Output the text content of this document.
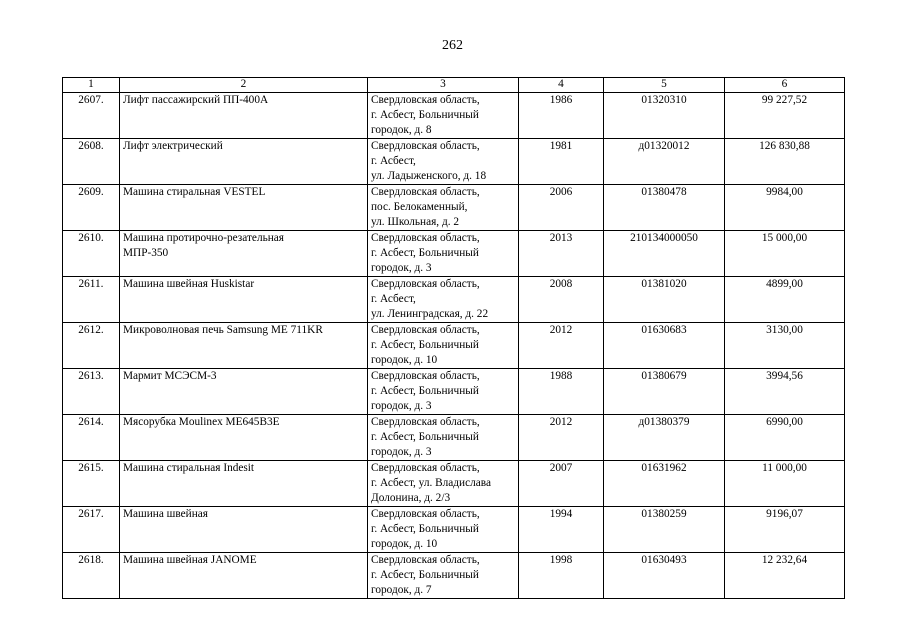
262
1	2	3	4	5	6
2607.	Лифт пассажирский ПП-400А	Свердловская область,
г. Асбест, Больничный
городок, д. 8	1986	01320310	99 227,52
2608.	Лифт электрический	Свердловская область,
г. Асбест,
ул. Ладыженского, д. 18	1981	д01320012	126 830,88
2609.	Машина стиральная VESTEL	Свердловская область,
пос. Белокаменный,
ул. Школьная, д. 2	2006	01380478	9984,00
2610.	Машина протирочно-резательная
МПР-350	Свердловская область,
г. Асбест, Больничный
городок, д. 3	2013	210134000050	15 000,00
2611.	Машина швейная Huskistar	Свердловская область,
г. Асбест,
ул. Ленинградская, д. 22	2008	01381020	4899,00
2612.	Микроволновая печь Samsung ME 711KR	Свердловская область,
г. Асбест, Больничный
городок, д. 10	2012	01630683	3130,00
2613.	Мармит МСЭСМ-3	Свердловская область,
г. Асбест, Больничный
городок, д. 3	1988	01380679	3994,56
2614.	Мясорубка Moulinex ME645B3E	Свердловская область,
г. Асбест, Больничный
городок, д. 3	2012	д01380379	6990,00
2615.	Машина стиральная Indesit	Свердловская область,
г. Асбест, ул. Владислава
Долонина, д. 2/3	2007	01631962	11 000,00
2617.	Машина швейная	Свердловская область,
г. Асбест, Больничный
городок, д. 10	1994	01380259	9196,07
2618.	Машина швейная JANOME	Свердловская область,
г. Асбест, Больничный
городок, д. 7	1998	01630493	12 232,64
